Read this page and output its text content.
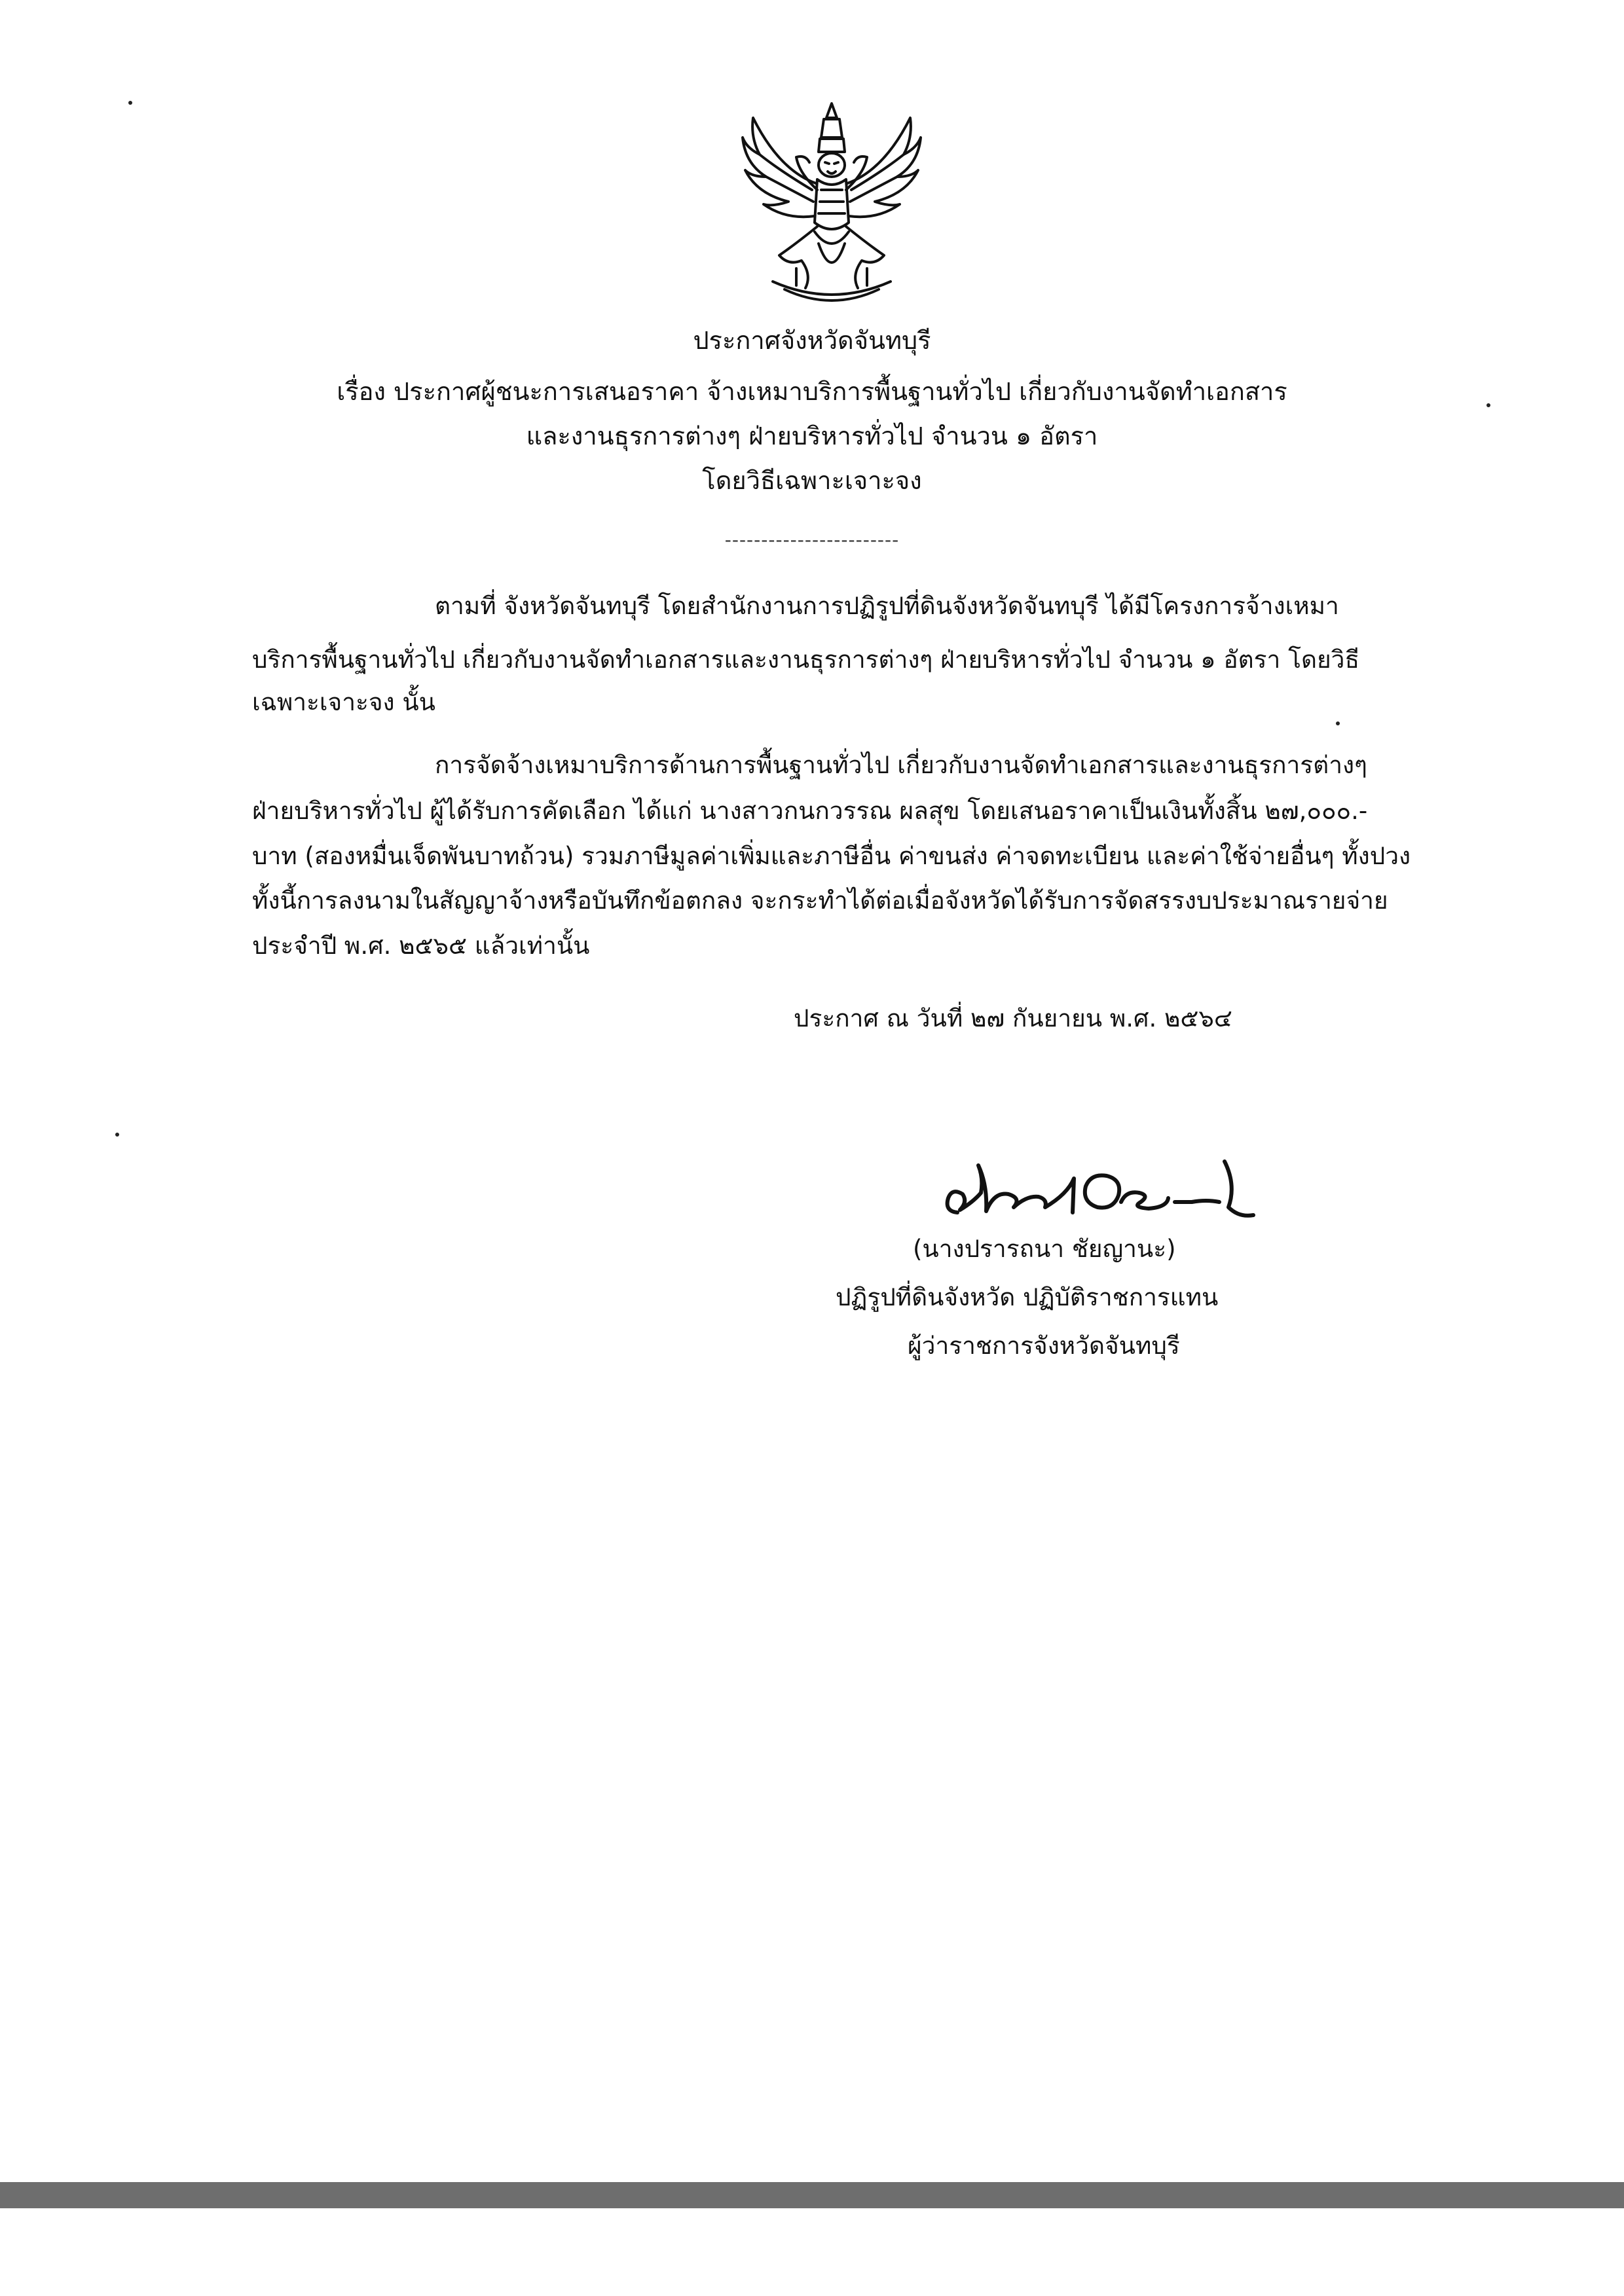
ประกาศจังหวัดจันทบุรี
เรื่อง ประกาศผู้ชนะการเสนอราคา จ้างเหมาบริการพื้นฐานทั่วไป เกี่ยวกับงานจัดทำเอกสาร
และงานธุรการต่างๆ ฝ่ายบริหารทั่วไป จำนวน ๑ อัตรา
โดยวิธีเฉพาะเจาะจง
------------------------
ตามที่ จังหวัดจันทบุรี โดยสำนักงานการปฏิรูปที่ดินจังหวัดจันทบุรี ได้มีโครงการจ้างเหมา
บริการพื้นฐานทั่วไป เกี่ยวกับงานจัดทำเอกสารและงานธุรการต่างๆ ฝ่ายบริหารทั่วไป จำนวน ๑ อัตรา โดยวิธี
เฉพาะเจาะจง นั้น
การจัดจ้างเหมาบริการด้านการพื้นฐานทั่วไป เกี่ยวกับงานจัดทำเอกสารและงานธุรการต่างๆ
ฝ่ายบริหารทั่วไป ผู้ได้รับการคัดเลือก ได้แก่ นางสาวกนกวรรณ ผลสุข โดยเสนอราคาเป็นเงินทั้งสิ้น ๒๗,๐๐๐.-
บาท (สองหมื่นเจ็ดพันบาทถ้วน) รวมภาษีมูลค่าเพิ่มและภาษีอื่น ค่าขนส่ง ค่าจดทะเบียน และค่าใช้จ่ายอื่นๆ ทั้งปวง
ทั้งนี้การลงนามในสัญญาจ้างหรือบันทึกข้อตกลง จะกระทำได้ต่อเมื่อจังหวัดได้รับการจัดสรรงบประมาณรายจ่าย
ประจำปี พ.ศ. ๒๕๖๕ แล้วเท่านั้น
ประกาศ ณ วันที่ ๒๗ กันยายน พ.ศ. ๒๕๖๔
(นางปรารถนา ชัยญานะ)
ปฏิรูปที่ดินจังหวัด ปฏิบัติราชการแทน
ผู้ว่าราชการจังหวัดจันทบุรี
